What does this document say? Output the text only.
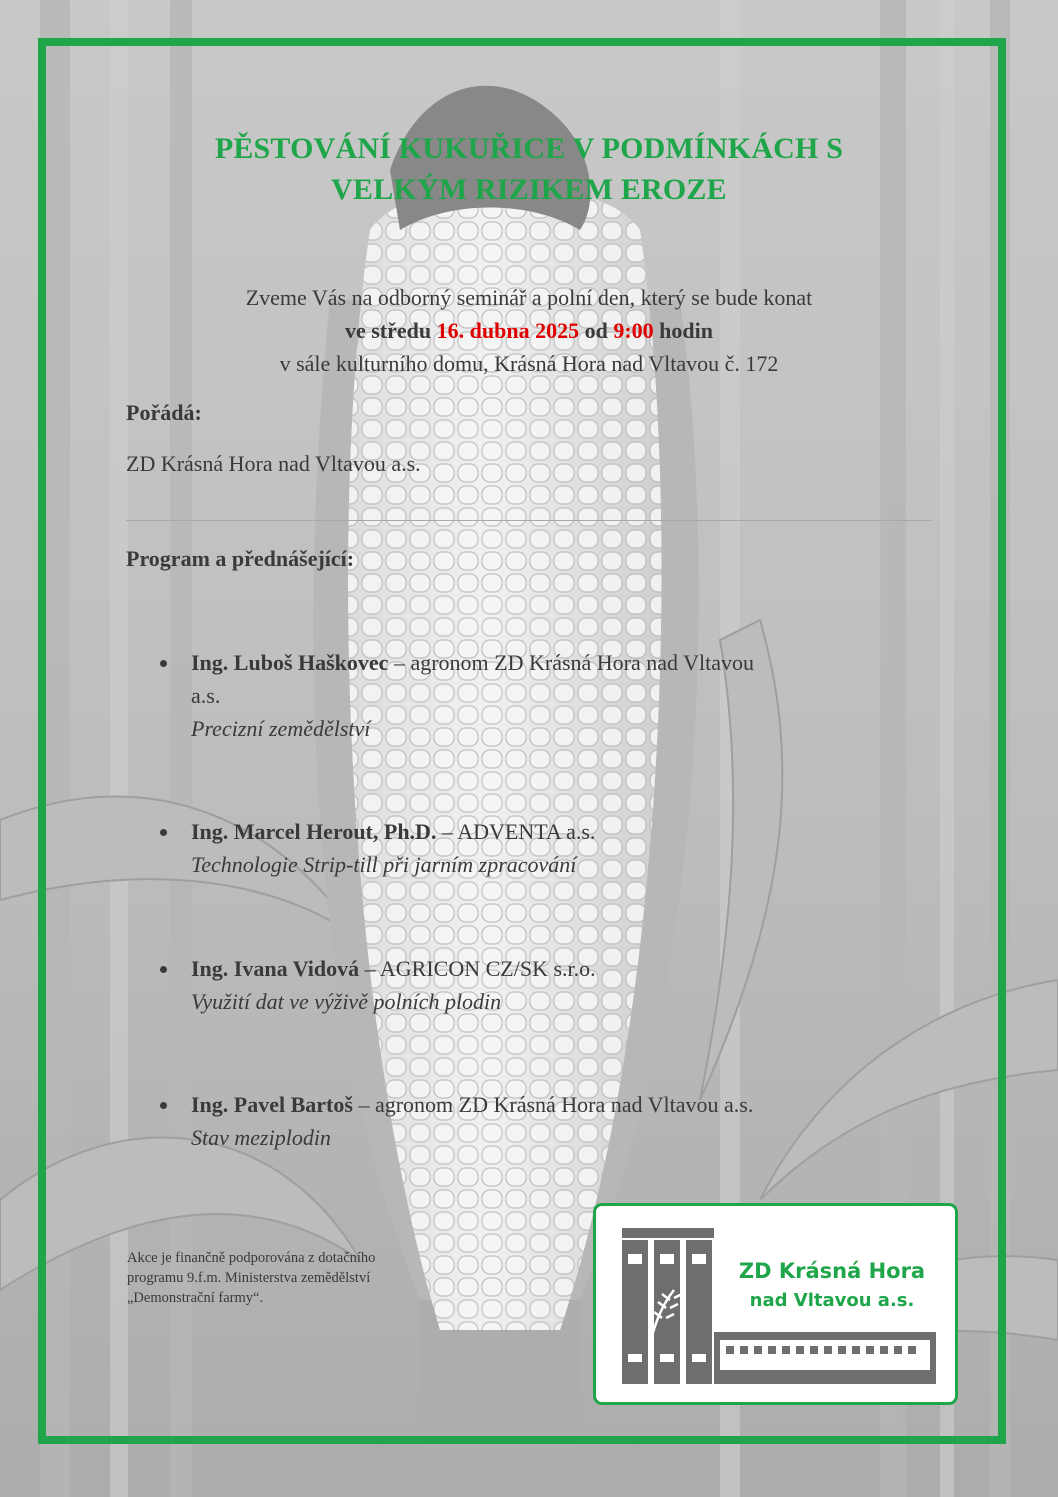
PĚSTOVÁNÍ KUKUŘICE V PODMÍNKÁCH S
VELKÝM RIZIKEM EROZE
Zveme Vás na odborný seminář a polní den, který se bude konat
ve středu 16. dubna 2025 od 9:00 hodin
v sále kulturního domu, Krásná Hora nad Vltavou č. 172
Pořádá:
ZD Krásná Hora nad Vltavou a.s.
Program a přednášející:
Ing. Luboš Haškovec – agronom ZD Krásná Hora nad Vltavou
a.s.
Precizní zemědělství
Ing. Marcel Herout, Ph.D. – ADVENTA a.s.
Technologie Strip-till při jarním zpracování
Ing. Ivana Vidová – AGRICON CZ/SK s.r.o.
Využití dat ve výživě polních plodin
Ing. Pavel Bartoš – agronom ZD Krásná Hora nad Vltavou a.s.
Stav meziplodin
Akce je finančně podporována z dotačního
programu 9.f.m. Ministerstva zemědělství
„Demonstrační farmy“.
ZD Krásná Hora
nad Vltavou a.s.
